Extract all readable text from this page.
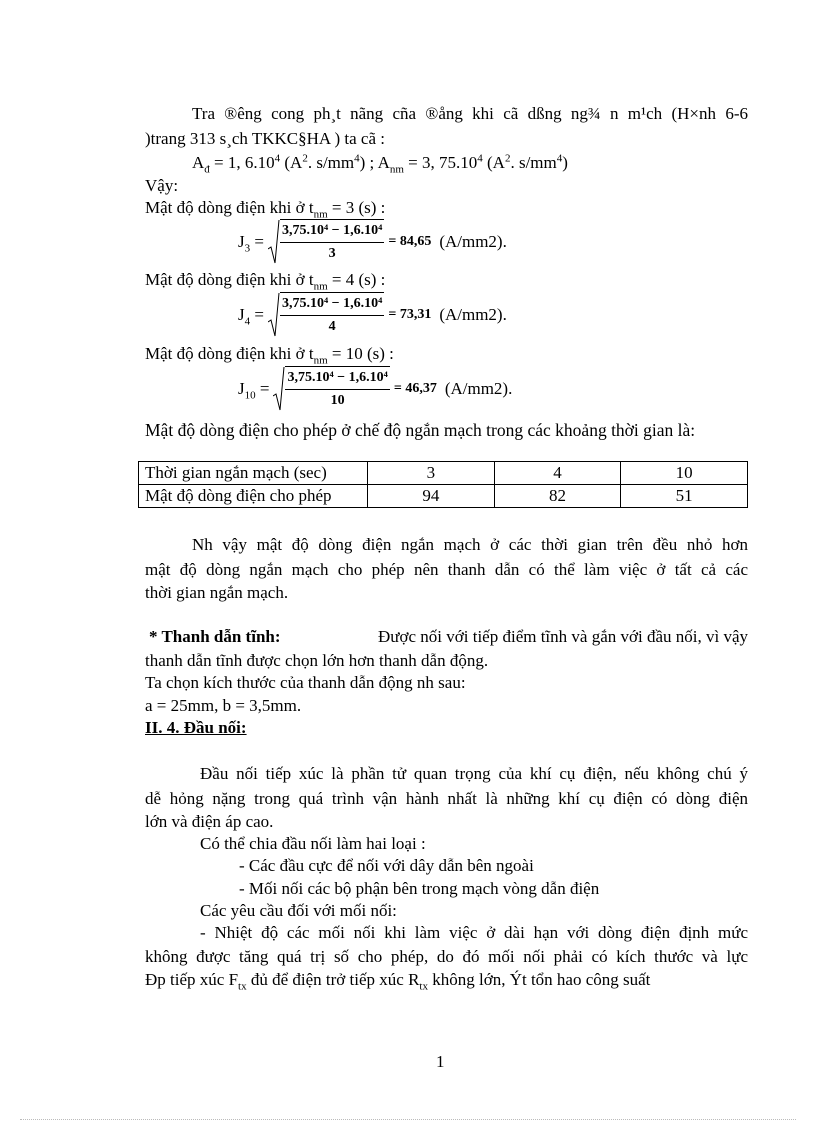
Tra ®êng cong ph¸t nãng cña ®ång khi cã dßng ng¾ n m¹ch (H×nh 6-6
)trang 313 s¸ch TKKC§HA ) ta cã :
$A_đ = 1$, 6.10$^4$ ($A^2$. $s/mm^4$) ; $A_{nm} = 3$, 75.10$^4$ ($A^2$. $s/mm^4$)
Vậy:
Mật độ dòng điện khi ở $t_{nm} = 3$ (s) :
$J_3 = \frac{\text{3,75.10⁴ − 1,6.10⁴}}{3} = 84,65$ (A/mm2).
Mật độ dòng điện khi ở $t_{nm} = 4$ (s) :
$J_4 = \frac{\text{3,75.10⁴ − 1,6.10⁴}}{4} = 73,31$ (A/mm2).
Mật độ dòng điện khi ở $t_{nm} = 10$ (s) :
$J_{10} = \frac{\text{3,75.10⁴ − 1,6.10⁴}}{10} = 46,37$ (A/mm2).
Mật độ dòng điện cho phép ở chế độ ngắn mạch trong các khoảng thời gian là:
Thời gian ngắn mạch (sec)	3	4	10
Mật độ dòng điện cho phép	94	82	51
Nh vậy mật độ dòng điện ngắn mạch ở các thời gian trên đều nhỏ hơn
mật độ dòng ngắn mạch cho phép nên thanh dẫn có thể làm việc ở tất cả các
thời gian ngắn mạch.
* Thanh dẫn tĩnh:	Được nối với tiếp điểm tĩnh và gắn với đầu nối, vì vậy
thanh dẫn tĩnh được chọn lớn hơn thanh dẫn động.
Ta chọn kích thước của thanh dẫn động nh sau:
a = 25mm, b = 3,5mm.
II. 4. Đầu nối:
Đầu nối tiếp xúc là phần tử quan trọng của khí cụ điện, nếu không chú ý
dễ hỏng nặng trong quá trình vận hành nhất là những khí cụ điện có dòng điện
lớn và điện áp cao.
Có thể chia đầu nối làm hai loại :
- Các đầu cực để nối với dây dẫn bên ngoài
- Mối nối các bộ phận bên trong mạch vòng dẫn điện
Các yêu cầu đối với mối nối:
- Nhiệt độ các mối nối khi làm việc ở dài hạn với dòng điện định mức
không được tăng quá trị số cho phép, do đó mối nối phải có kích thước và lực
Đp tiếp xúc $F_{tx}$ đủ để điện trở tiếp xúc $R_{tx}$ không lớn, Ýt tổn hao công suất
1
